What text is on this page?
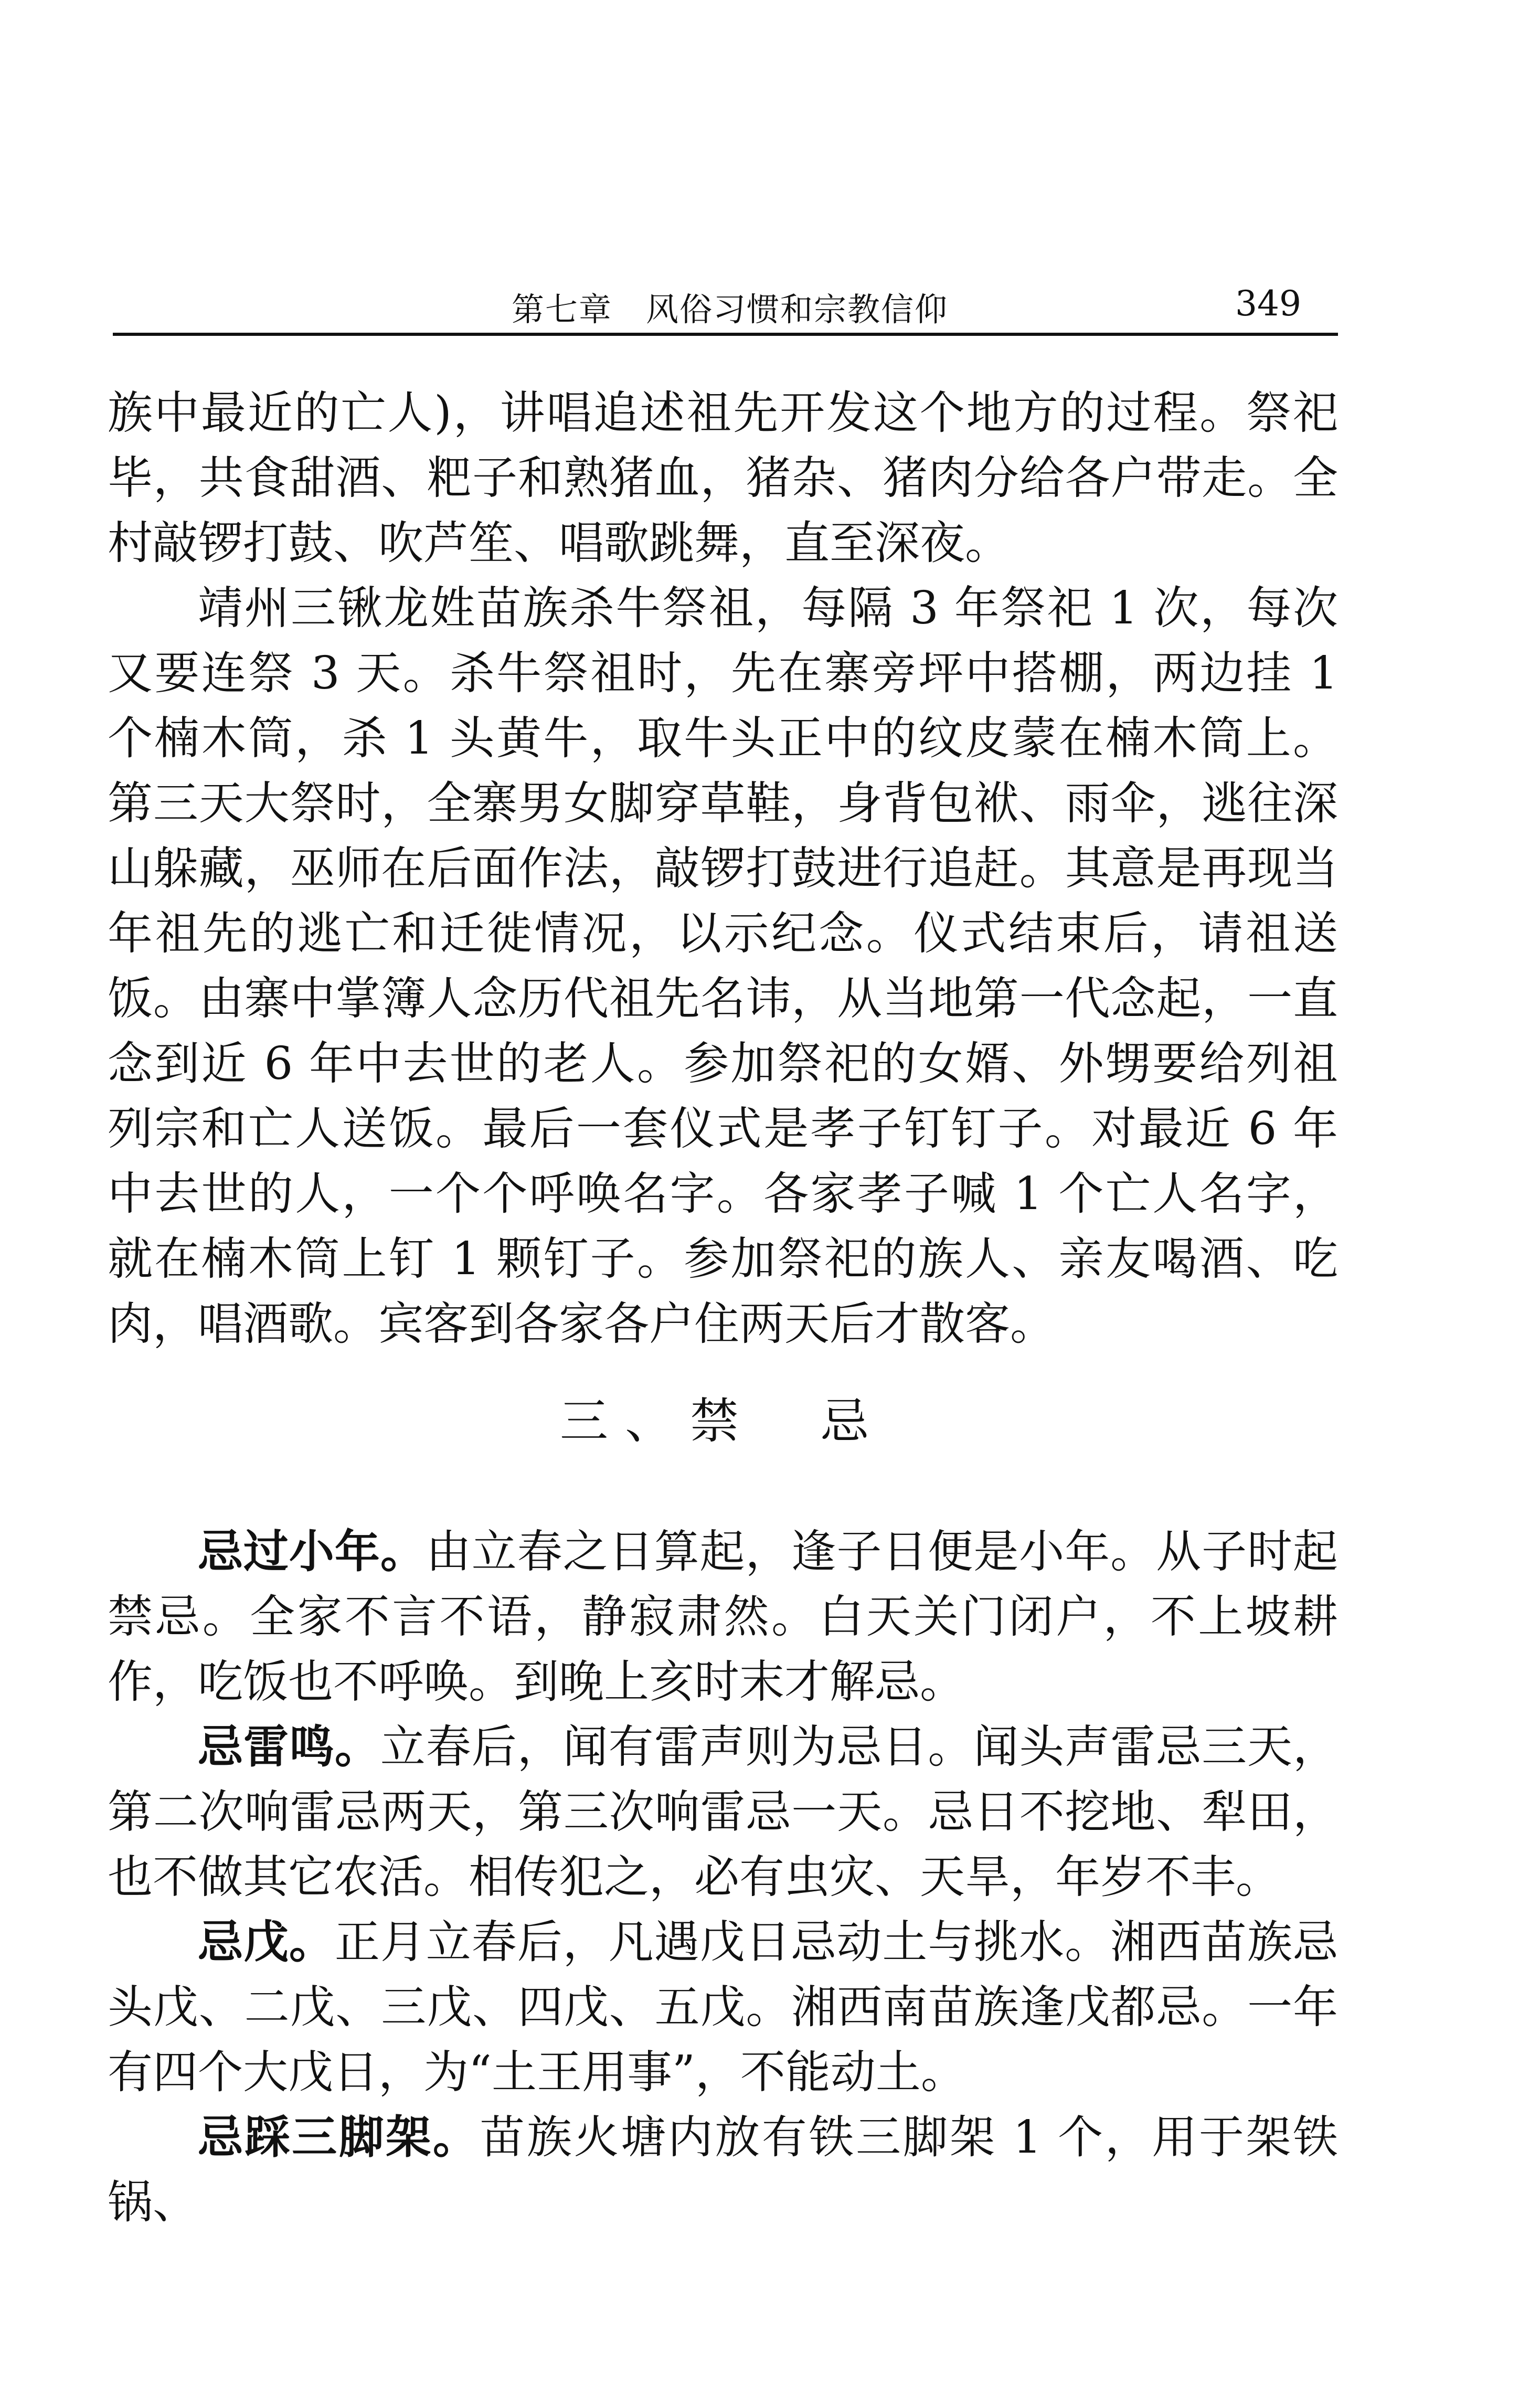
第七章　风俗习惯和宗教信仰	349

族中最近的亡人)，讲唱追述祖先开发这个地方的过程。祭祀毕，共食甜酒、粑子和熟猪血，猪杂、猪肉分给各户带走。全村敲锣打鼓、吹芦笙、唱歌跳舞，直至深夜。

靖州三锹龙姓苗族杀牛祭祖，每隔 3 年祭祀 1 次，每次又要连祭 3 天。杀牛祭祖时，先在寨旁坪中搭棚，两边挂 1 个楠木筒，杀 1 头黄牛，取牛头正中的纹皮蒙在楠木筒上。第三天大祭时，全寨男女脚穿草鞋，身背包袱、雨伞，逃往深山躲藏，巫师在后面作法，敲锣打鼓进行追赶。其意是再现当年祖先的逃亡和迁徙情况，以示纪念。仪式结束后，请祖送饭。由寨中掌簿人念历代祖先名讳，从当地第一代念起，一直念到近 6 年中去世的老人。参加祭祀的女婿、外甥要给列祖列宗和亡人送饭。最后一套仪式是孝子钉钉子。对最近 6 年中去世的人，一个个呼唤名字。各家孝子喊 1 个亡人名字，就在楠木筒上钉 1 颗钉子。参加祭祀的族人、亲友喝酒、吃肉，唱酒歌。宾客到各家各户住两天后才散客。

三、禁　忌

忌过小年。由立春之日算起，逢子日便是小年。从子时起禁忌。全家不言不语，静寂肃然。白天关门闭户，不上坡耕作，吃饭也不呼唤。到晚上亥时末才解忌。

忌雷鸣。立春后，闻有雷声则为忌日。闻头声雷忌三天，第二次响雷忌两天，第三次响雷忌一天。忌日不挖地、犁田，也不做其它农活。相传犯之，必有虫灾、天旱，年岁不丰。

忌戊。正月立春后，凡遇戊日忌动土与挑水。湘西苗族忌头戊、二戊、三戊、四戊、五戊。湘西南苗族逢戊都忌。一年有四个大戊日，为“土王用事”，不能动土。

忌踩三脚架。苗族火塘内放有铁三脚架 1 个，用于架铁锅、
